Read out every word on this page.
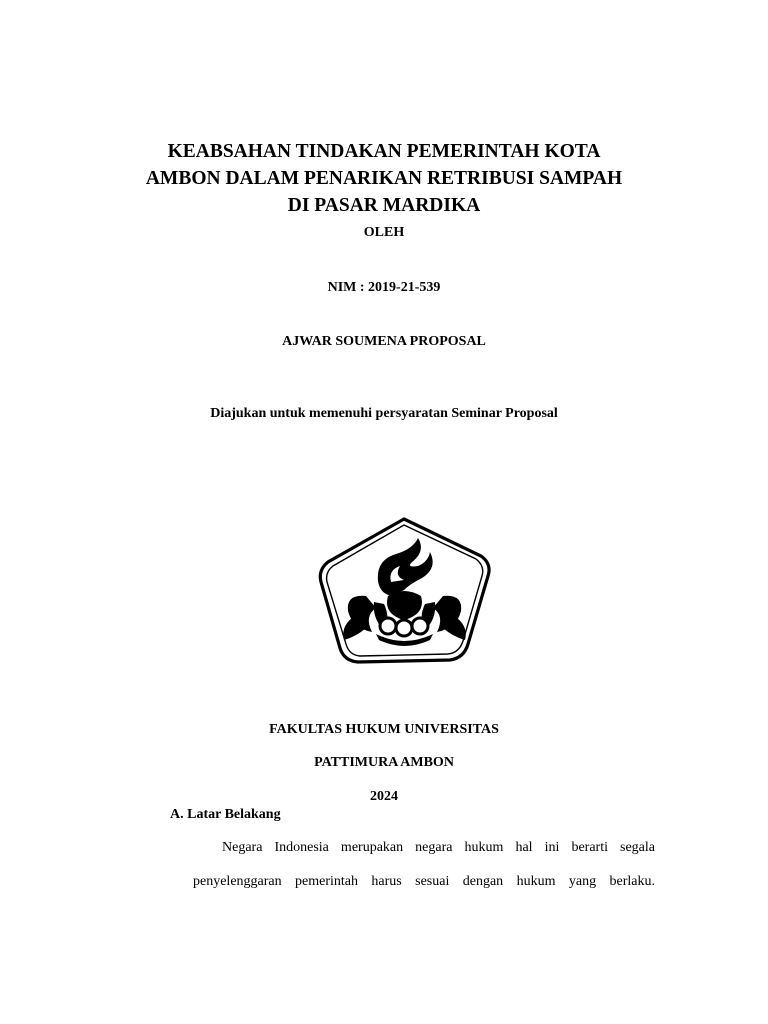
KEABSAHAN TINDAKAN PEMERINTAH KOTA
AMBON DALAM PENARIKAN RETRIBUSI SAMPAH
DI PASAR MARDIKA
OLEH
NIM : 2019-21-539
AJWAR SOUMENA PROPOSAL
Diajukan untuk memenuhi persyaratan Seminar Proposal
FAKULTAS HUKUM UNIVERSITAS
PATTIMURA AMBON
2024
A. Latar Belakang
Negara Indonesia merupakan negara hukum hal ini berarti segala
penyelenggaran pemerintah harus sesuai dengan hukum yang berlaku.
